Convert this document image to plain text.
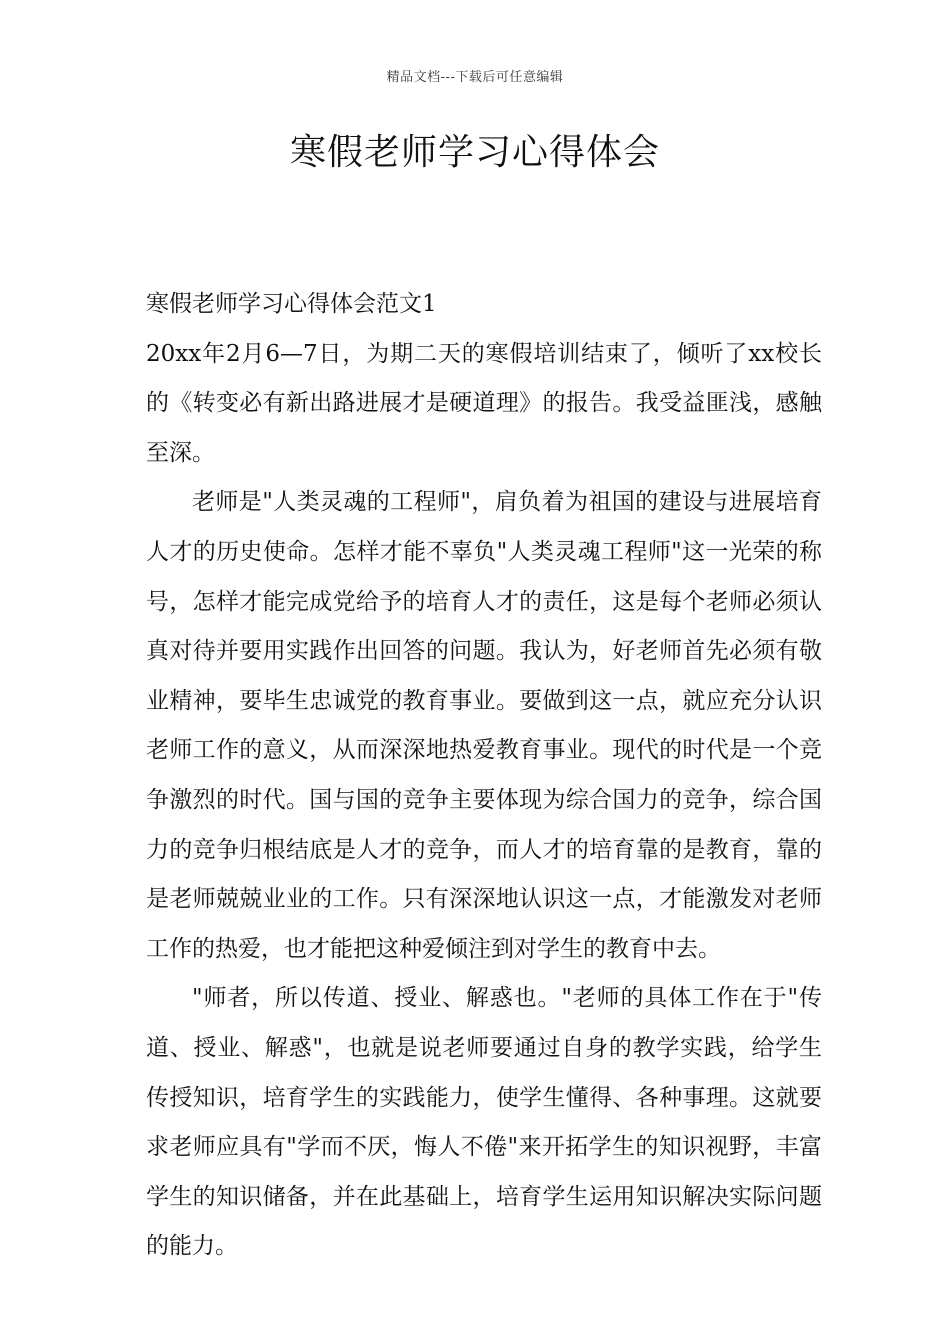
精品文档---下载后可任意编辑
寒假老师学习心得体会

寒假老师学习心得体会范文1

20xx年2月6—7日，为期二天的寒假培训结束了，倾听了xx校长的《转变必有新出路进展才是硬道理》的报告。我受益匪浅，感触至深。

老师是"人类灵魂的工程师"，肩负着为祖国的建设与进展培育人才的历史使命。怎样才能不辜负"人类灵魂工程师"这一光荣的称号，怎样才能完成党给予的培育人才的责任，这是每个老师必须认真对待并要用实践作出回答的问题。我认为，好老师首先必须有敬业精神，要毕生忠诚党的教育事业。要做到这一点，就应充分认识老师工作的意义，从而深深地热爱教育事业。现代的时代是一个竞争激烈的时代。国与国的竞争主要体现为综合国力的竞争，综合国力的竞争归根结底是人才的竞争，而人才的培育靠的是教育，靠的是老师兢兢业业的工作。只有深深地认识这一点，才能激发对老师工作的热爱，也才能把这种爱倾注到对学生的教育中去。

"师者，所以传道、授业、解惑也。"老师的具体工作在于"传道、授业、解惑"，也就是说老师要通过自身的教学实践，给学生传授知识，培育学生的实践能力，使学生懂得、各种事理。这就要求老师应具有"学而不厌，悔人不倦"来开拓学生的知识视野，丰富学生的知识储备，并在此基础上，培育学生运用知识解决实际问题的能力。
